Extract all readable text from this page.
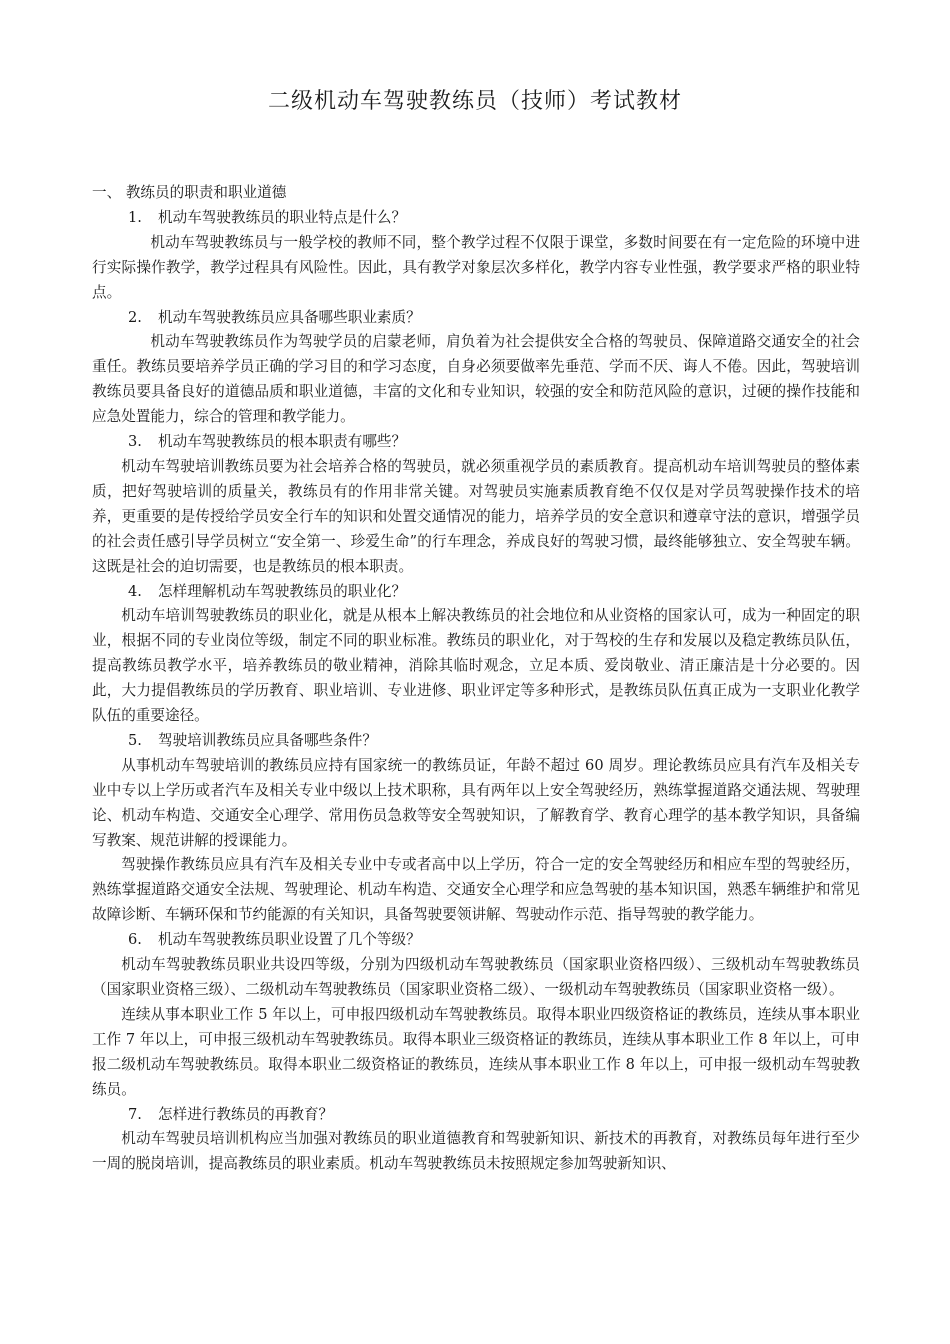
二级机动车驾驶教练员（技师）考试教材
一、 教练员的职责和职业道德
1. 机动车驾驶教练员的职业特点是什么？

机动车驾驶教练员与一般学校的教师不同，整个教学过程不仅限于课堂，多数时间要在有一定危险的环境中进行实际操作教学，教学过程具有风险性。因此，具有教学对象层次多样化，教学内容专业性强，教学要求严格的职业特点。

2. 机动车驾驶教练员应具备哪些职业素质？

机动车驾驶教练员作为驾驶学员的启蒙老师，肩负着为社会提供安全合格的驾驶员、保障道路交通安全的社会重任。教练员要培养学员正确的学习目的和学习态度，自身必须要做率先垂范、学而不厌、诲人不倦。因此，驾驶培训教练员要具备良好的道德品质和职业道德，丰富的文化和专业知识，较强的安全和防范风险的意识，过硬的操作技能和应急处置能力，综合的管理和教学能力。

3. 机动车驾驶教练员的根本职责有哪些？

机动车驾驶培训教练员要为社会培养合格的驾驶员，就必须重视学员的素质教育。提高机动车培训驾驶员的整体素质，把好驾驶培训的质量关，教练员有的作用非常关键。对驾驶员实施素质教育绝不仅仅是对学员驾驶操作技术的培养，更重要的是传授给学员安全行车的知识和处置交通情况的能力，培养学员的安全意识和遵章守法的意识，增强学员的社会责任感引导学员树立“安全第一、珍爱生命”的行车理念，养成良好的驾驶习惯，最终能够独立、安全驾驶车辆。这既是社会的迫切需要，也是教练员的根本职责。

4. 怎样理解机动车驾驶教练员的职业化？

机动车培训驾驶教练员的职业化，就是从根本上解决教练员的社会地位和从业资格的国家认可，成为一种固定的职业，根据不同的专业岗位等级，制定不同的职业标准。教练员的职业化，对于驾校的生存和发展以及稳定教练员队伍，提高教练员教学水平，培养教练员的敬业精神，消除其临时观念，立足本质、爱岗敬业、清正廉洁是十分必要的。因此，大力提倡教练员的学历教育、职业培训、专业进修、职业评定等多种形式，是教练员队伍真正成为一支职业化教学队伍的重要途径。

5. 驾驶培训教练员应具备哪些条件？

从事机动车驾驶培训的教练员应持有国家统一的教练员证，年龄不超过 60 周岁。理论教练员应具有汽车及相关专业中专以上学历或者汽车及相关专业中级以上技术职称，具有两年以上安全驾驶经历，熟练掌握道路交通法规、驾驶理论、机动车构造、交通安全心理学、常用伤员急救等安全驾驶知识，了解教育学、教育心理学的基本教学知识，具备编写教案、规范讲解的授课能力。

驾驶操作教练员应具有汽车及相关专业中专或者高中以上学历，符合一定的安全驾驶经历和相应车型的驾驶经历，熟练掌握道路交通安全法规、驾驶理论、机动车构造、交通安全心理学和应急驾驶的基本知识国，熟悉车辆维护和常见故障诊断、车辆环保和节约能源的有关知识，具备驾驶要领讲解、驾驶动作示范、指导驾驶的教学能力。

6. 机动车驾驶教练员职业设置了几个等级？

机动车驾驶教练员职业共设四等级，分别为四级机动车驾驶教练员（国家职业资格四级）、三级机动车驾驶教练员（国家职业资格三级）、二级机动车驾驶教练员（国家职业资格二级）、一级机动车驾驶教练员（国家职业资格一级）。

连续从事本职业工作 5 年以上，可申报四级机动车驾驶教练员。取得本职业四级资格证的教练员，连续从事本职业工作 7 年以上，可申报三级机动车驾驶教练员。取得本职业三级资格证的教练员，连续从事本职业工作 8 年以上，可申报二级机动车驾驶教练员。取得本职业二级资格证的教练员，连续从事本职业工作 8 年以上，可申报一级机动车驾驶教练员。

7. 怎样进行教练员的再教育？

机动车驾驶员培训机构应当加强对教练员的职业道德教育和驾驶新知识、新技术的再教育，对教练员每年进行至少一周的脱岗培训，提高教练员的职业素质。机动车驾驶教练员未按照规定参加驾驶新知识、
